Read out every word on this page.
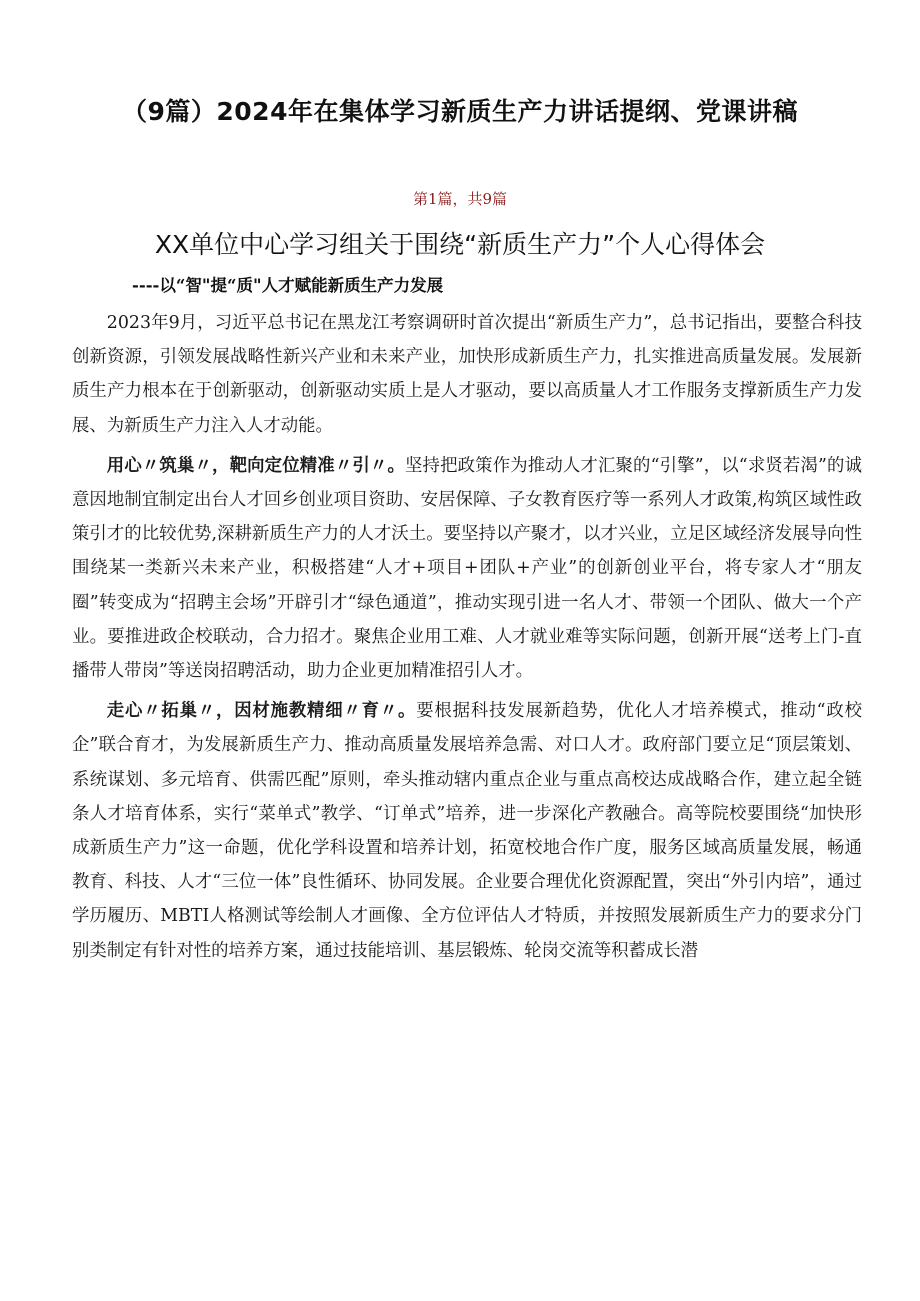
（9篇）2024年在集体学习新质生产力讲话提纲、党课讲稿
第1篇，共9篇
XX单位中心学习组关于围绕“新质生产力”个人心得体会
----以“智"提“质"人才赋能新质生产力发展

2023年9月，习近平总书记在黑龙江考察调研时首次提出“新质生产力”，总书记指出，要整合科技创新资源，引领发展战略性新兴产业和未来产业，加快形成新质生产力，扎实推进高质量发展。发展新质生产力根本在于创新驱动，创新驱动实质上是人才驱动，要以高质量人才工作服务支撑新质生产力发展、为新质生产力注入人才动能。

用心〃筑巢〃，靶向定位精准〃引〃。坚持把政策作为推动人才汇聚的“引擎”，以“求贤若渴”的诚意因地制宜制定出台人才回乡创业项目资助、安居保障、子女教育医疗等一系列人才政策,构筑区域性政策引才的比较优势,深耕新质生产力的人才沃土。要坚持以产聚才，以才兴业，立足区域经济发展导向性围绕某一类新兴未来产业，积极搭建“人才+项目+团队+产业”的创新创业平台，将专家人才“朋友圈”转变成为“招聘主会场”开辟引才“绿色通道”，推动实现引进一名人才、带领一个团队、做大一个产业。要推进政企校联动，合力招才。聚焦企业用工难、人才就业难等实际问题，创新开展“送考上门-直播带人带岗”等送岗招聘活动，助力企业更加精准招引人才。

走心〃拓巢〃，因材施教精细〃育〃。要根据科技发展新趋势，优化人才培养模式，推动“政校企”联合育才，为发展新质生产力、推动高质量发展培养急需、对口人才。政府部门要立足“顶层策划、系统谋划、多元培育、供需匹配”原则，牵头推动辖内重点企业与重点高校达成战略合作，建立起全链条人才培育体系，实行“菜单式”教学、“订单式”培养，进一步深化产教融合。高等院校要围绕“加快形成新质生产力”这一命题，优化学科设置和培养计划，拓宽校地合作广度，服务区域高质量发展，畅通教育、科技、人才“三位一体”良性循环、协同发展。企业要合理优化资源配置，突出“外引内培”，通过学历履历、MBTI人格测试等绘制人才画像、全方位评估人才特质，并按照发展新质生产力的要求分门别类制定有针对性的培养方案，通过技能培训、基层锻炼、轮岗交流等积蓄成长潜
